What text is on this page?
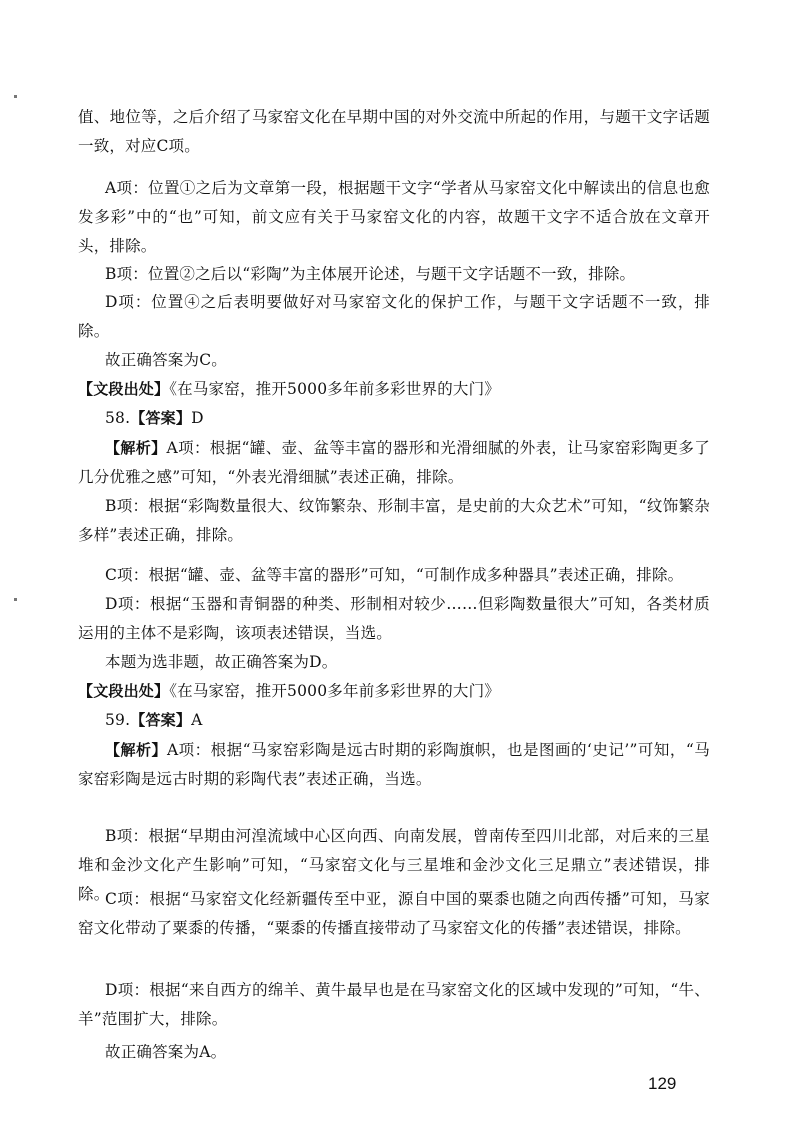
值、地位等，之后介绍了马家窑文化在早期中国的对外交流中所起的作用，与题干文字话题一致，对应C项。

A项：位置①之后为文章第一段，根据题干文字“学者从马家窑文化中解读出的信息也愈发多彩”中的“也”可知，前文应有关于马家窑文化的内容，故题干文字不适合放在文章开头，排除。

B项：位置②之后以“彩陶”为主体展开论述，与题干文字话题不一致，排除。

D项：位置④之后表明要做好对马家窑文化的保护工作，与题干文字话题不一致，排除。

故正确答案为C。

【文段出处】《在马家窑，推开5000多年前多彩世界的大门》

58.【答案】D

【解析】A项：根据“罐、壶、盆等丰富的器形和光滑细腻的外表，让马家窑彩陶更多了几分优雅之感”可知，“外表光滑细腻”表述正确，排除。

B项：根据“彩陶数量很大、纹饰繁杂、形制丰富，是史前的大众艺术”可知，“纹饰繁杂多样”表述正确，排除。

C项：根据“罐、壶、盆等丰富的器形”可知，“可制作成多种器具”表述正确，排除。

D项：根据“玉器和青铜器的种类、形制相对较少……但彩陶数量很大”可知，各类材质运用的主体不是彩陶，该项表述错误，当选。

本题为选非题，故正确答案为D。

【文段出处】《在马家窑，推开5000多年前多彩世界的大门》

59.【答案】A

【解析】A项：根据“马家窑彩陶是远古时期的彩陶旗帜，也是图画的‘史记’”可知，“马家窑彩陶是远古时期的彩陶代表”表述正确，当选。

B项：根据“早期由河湟流域中心区向西、向南发展，曾南传至四川北部，对后来的三星堆和金沙文化产生影响”可知，“马家窑文化与三星堆和金沙文化三足鼎立”表述错误，排除。

C项：根据“马家窑文化经新疆传至中亚，源自中国的粟黍也随之向西传播”可知，马家窑文化带动了粟黍的传播，“粟黍的传播直接带动了马家窑文化的传播”表述错误，排除。

D项：根据“来自西方的绵羊、黄牛最早也是在马家窑文化的区域中发现的”可知，“牛、羊”范围扩大，排除。

故正确答案为A。

129
